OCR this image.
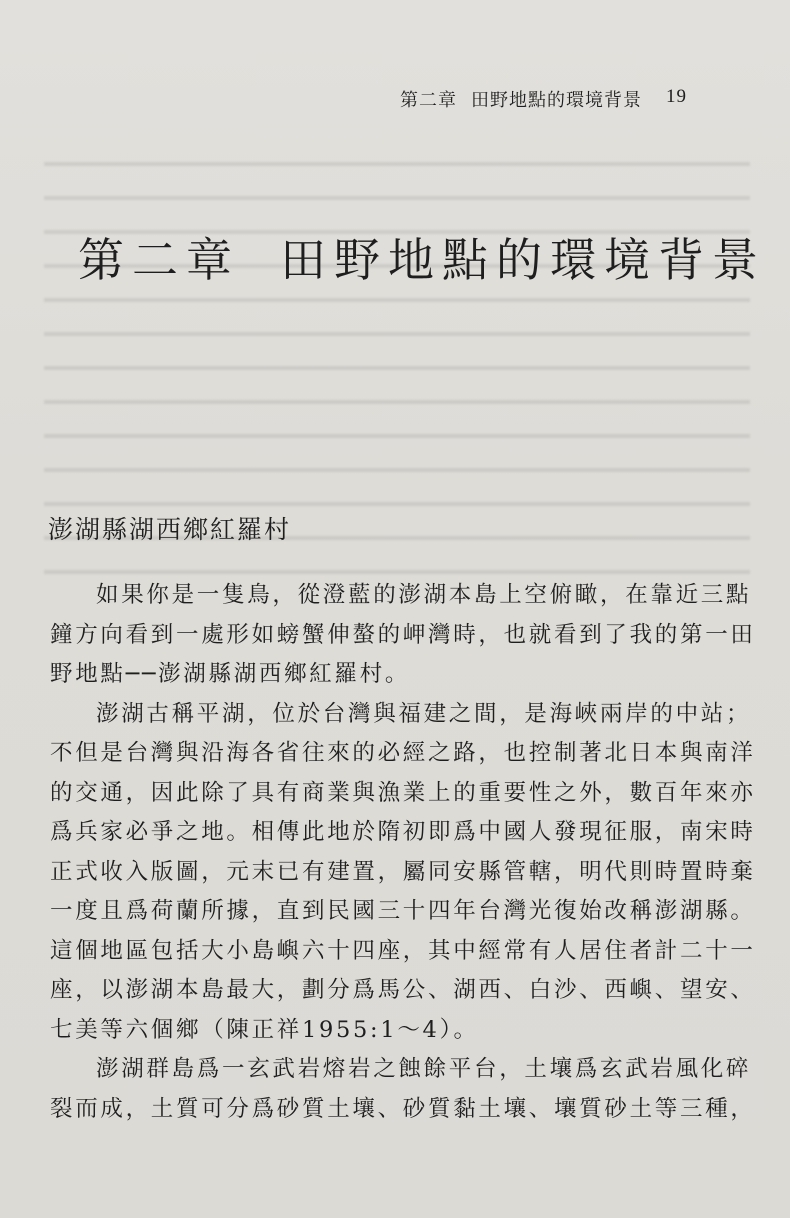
第二章 田野地點的環境背景 19
第二章 田野地點的環境背景
澎湖縣湖西鄉紅羅村
如果你是一隻鳥，從澄藍的澎湖本島上空俯瞰，在靠近三點
鐘方向看到一處形如螃蟹伸螯的岬灣時，也就看到了我的第一田
野地點──澎湖縣湖西鄉紅羅村。
澎湖古稱平湖，位於台灣與福建之間，是海峽兩岸的中站；
不但是台灣與沿海各省往來的必經之路，也控制著北日本與南洋
的交通，因此除了具有商業與漁業上的重要性之外，數百年來亦
爲兵家必爭之地。相傳此地於隋初即爲中國人發現征服，南宋時
正式收入版圖，元末已有建置，屬同安縣管轄，明代則時置時棄
一度且爲荷蘭所據，直到民國三十四年台灣光復始改稱澎湖縣。
這個地區包括大小島嶼六十四座，其中經常有人居住者計二十一
座，以澎湖本島最大，劃分爲馬公、湖西、白沙、西嶼、望安、
七美等六個鄉（陳正祥1955:1～4）。
澎湖群島爲一玄武岩熔岩之蝕餘平台，土壤爲玄武岩風化碎
裂而成，土質可分爲砂質土壤、砂質黏土壤、壤質砂土等三種，
